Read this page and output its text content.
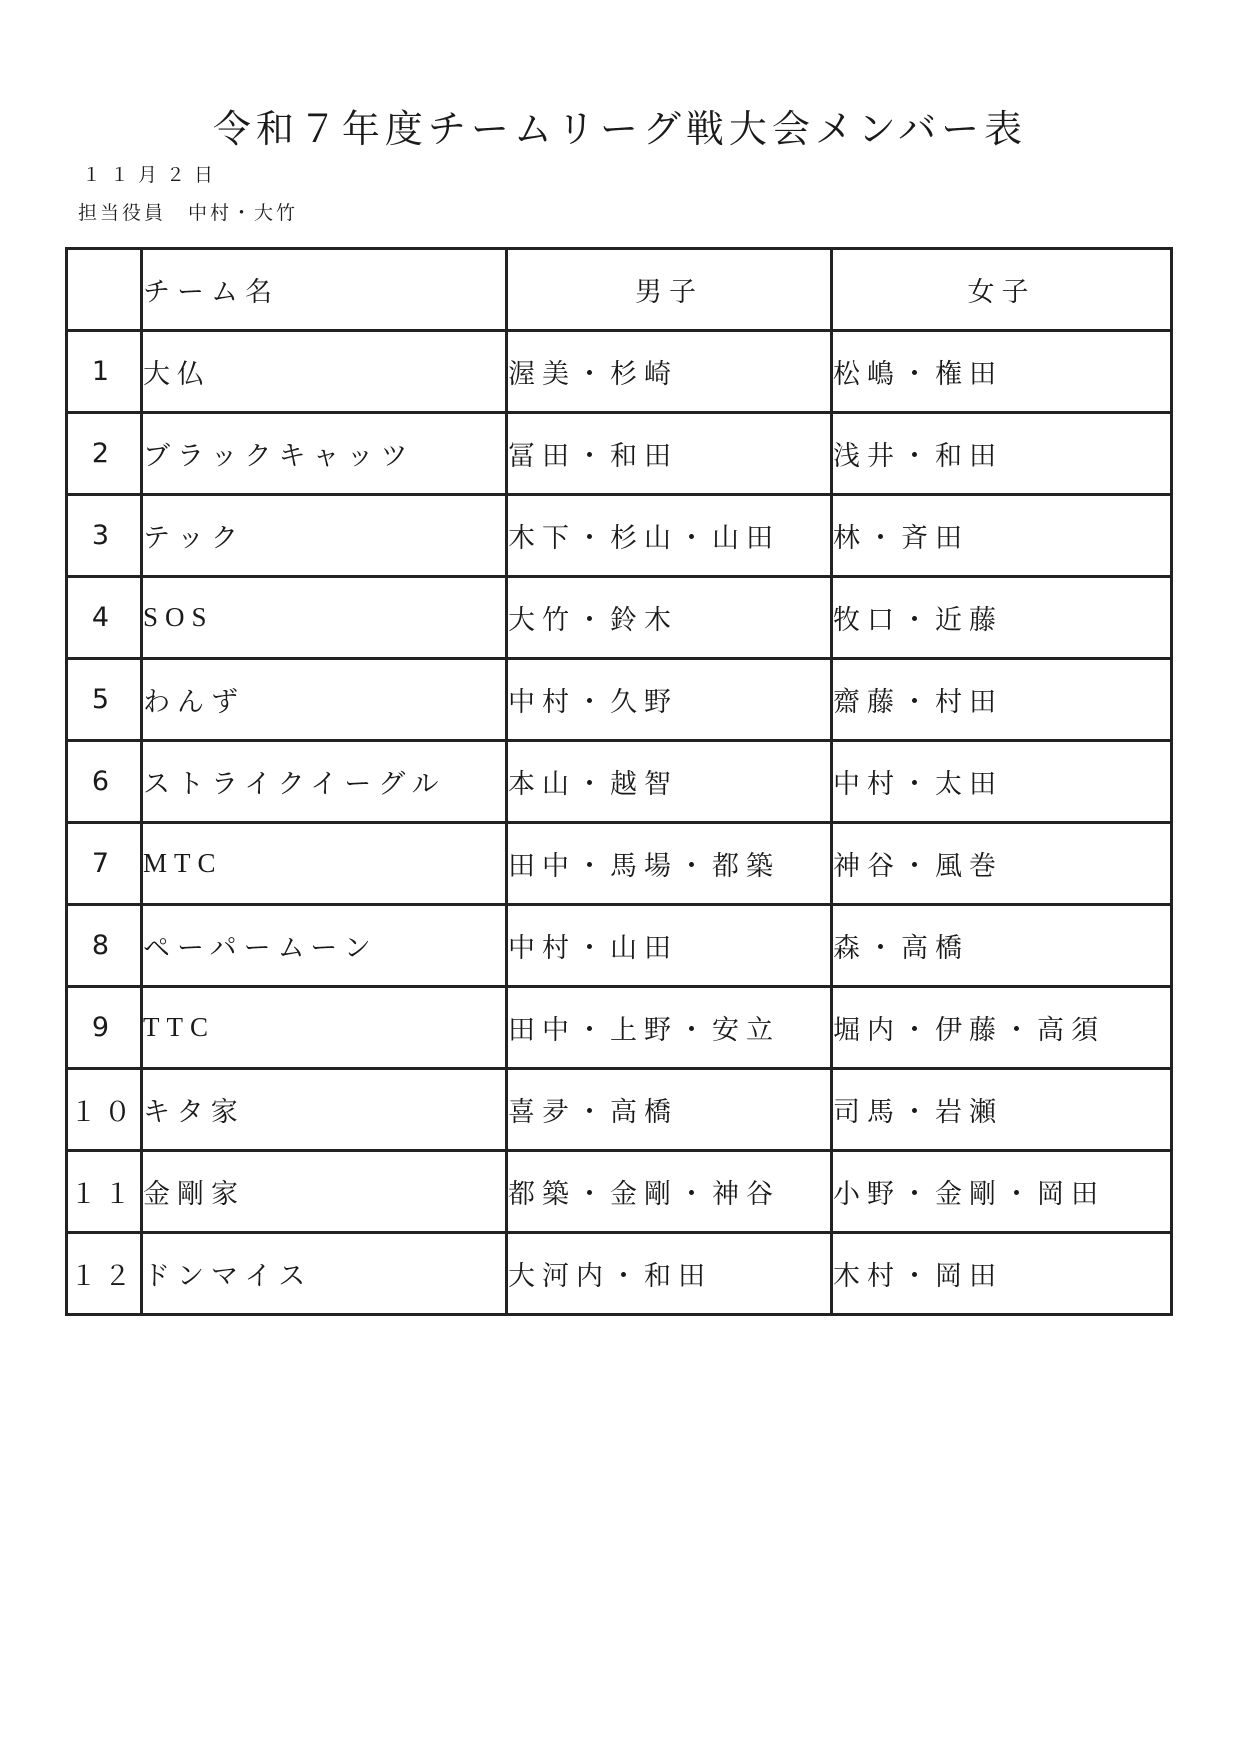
令和７年度チームリーグ戦大会メンバー表
１１月２日
担当役員　中村・大竹
	チーム名	男子	女子
1	大仏	渥美・杉崎	松嶋・権田
2	ブラックキャッツ	冨田・和田	浅井・和田
3	テック	木下・杉山・山田	林・斉田
4	SOS	大竹・鈴木	牧口・近藤
5	わんず	中村・久野	齋藤・村田
6	ストライクイーグル	本山・越智	中村・太田
7	MTC	田中・馬場・都築	神谷・風巻
8	ペーパームーン	中村・山田	森・高橋
9	TTC	田中・上野・安立	堀内・伊藤・高須
１０	キタ家	喜夛・高橋	司馬・岩瀬
１１	金剛家	都築・金剛・神谷	小野・金剛・岡田
１２	ドンマイス	大河内・和田	木村・岡田
